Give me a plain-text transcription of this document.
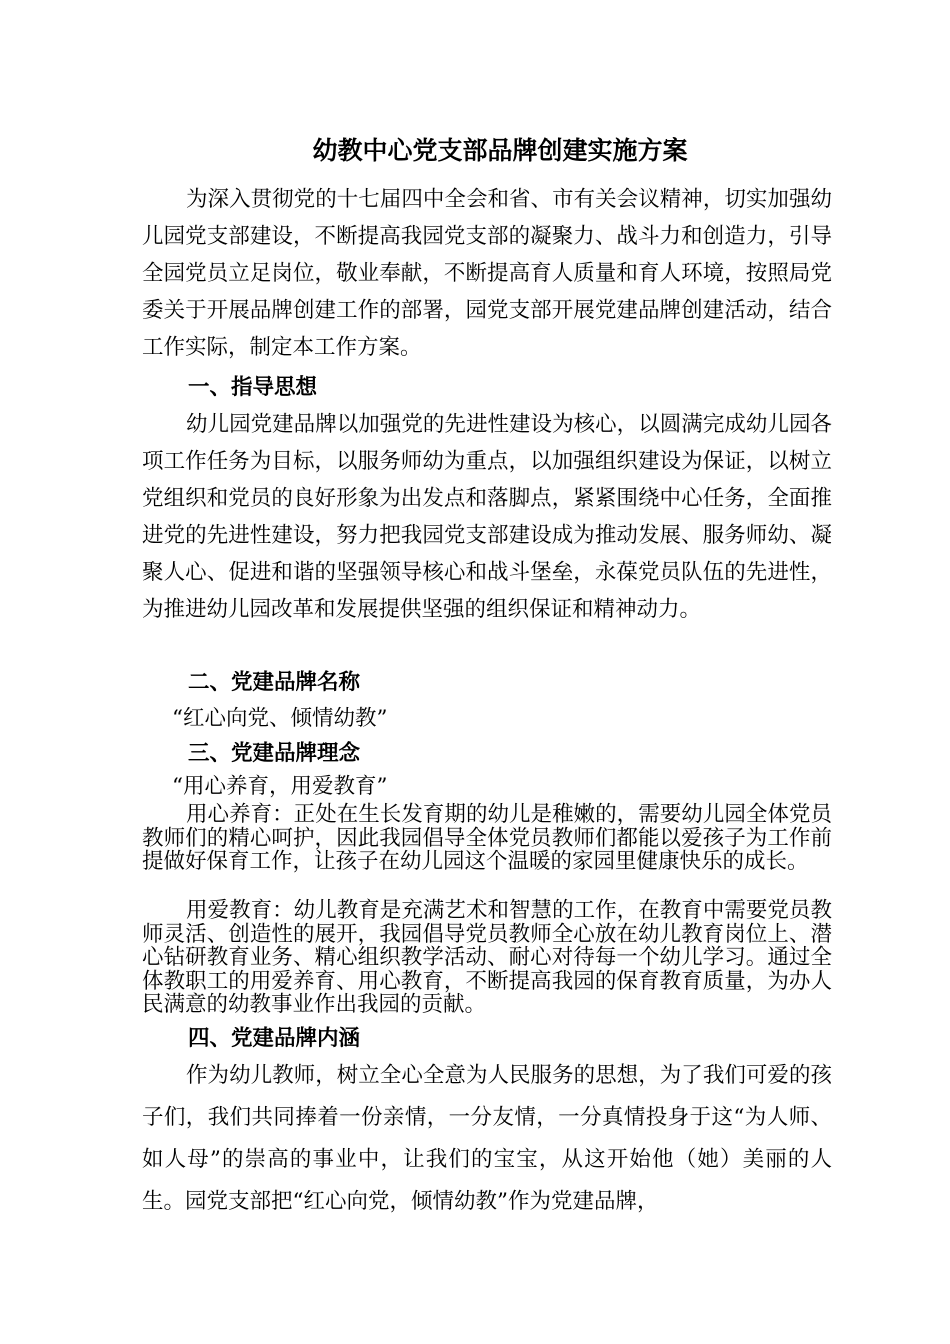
幼教中心党支部品牌创建实施方案

为深入贯彻党的十七届四中全会和省、市有关会议精神，切实加强幼儿园党支部建设，不断提高我园党支部的凝聚力、战斗力和创造力，引导全园党员立足岗位，敬业奉献，不断提高育人质量和育人环境，按照局党委关于开展品牌创建工作的部署，园党支部开展党建品牌创建活动，结合工作实际，制定本工作方案。

一、指导思想

幼儿园党建品牌以加强党的先进性建设为核心，以圆满完成幼儿园各项工作任务为目标，以服务师幼为重点，以加强组织建设为保证，以树立党组织和党员的良好形象为出发点和落脚点，紧紧围绕中心任务，全面推进党的先进性建设，努力把我园党支部建设成为推动发展、服务师幼、凝聚人心、促进和谐的坚强领导核心和战斗堡垒，永葆党员队伍的先进性，为推进幼儿园改革和发展提供坚强的组织保证和精神动力。

二、党建品牌名称
“红心向党、倾情幼教”
三、党建品牌理念
“用心养育，用爱教育”

用心养育：正处在生长发育期的幼儿是稚嫩的，需要幼儿园全体党员教师们的精心呵护，因此我园倡导全体党员教师们都能以爱孩子为工作前提做好保育工作，让孩子在幼儿园这个温暖的家园里健康快乐的成长。

用爱教育：幼儿教育是充满艺术和智慧的工作，在教育中需要党员教师灵活、创造性的展开，我园倡导党员教师全心放在幼儿教育岗位上、潜心钻研教育业务、精心组织教学活动、耐心对待每一个幼儿学习。通过全体教职工的用爱养育、用心教育，不断提高我园的保育教育质量，为办人民满意的幼教事业作出我园的贡献。

四、党建品牌内涵

作为幼儿教师，树立全心全意为人民服务的思想，为了我们可爱的孩子们，我们共同捧着一份亲情，一分友情，一分真情投身于这“为人师、如人母”的崇高的事业中，让我们的宝宝，从这开始他（她）美丽的人生。园党支部把“红心向党，倾情幼教”作为党建品牌，
